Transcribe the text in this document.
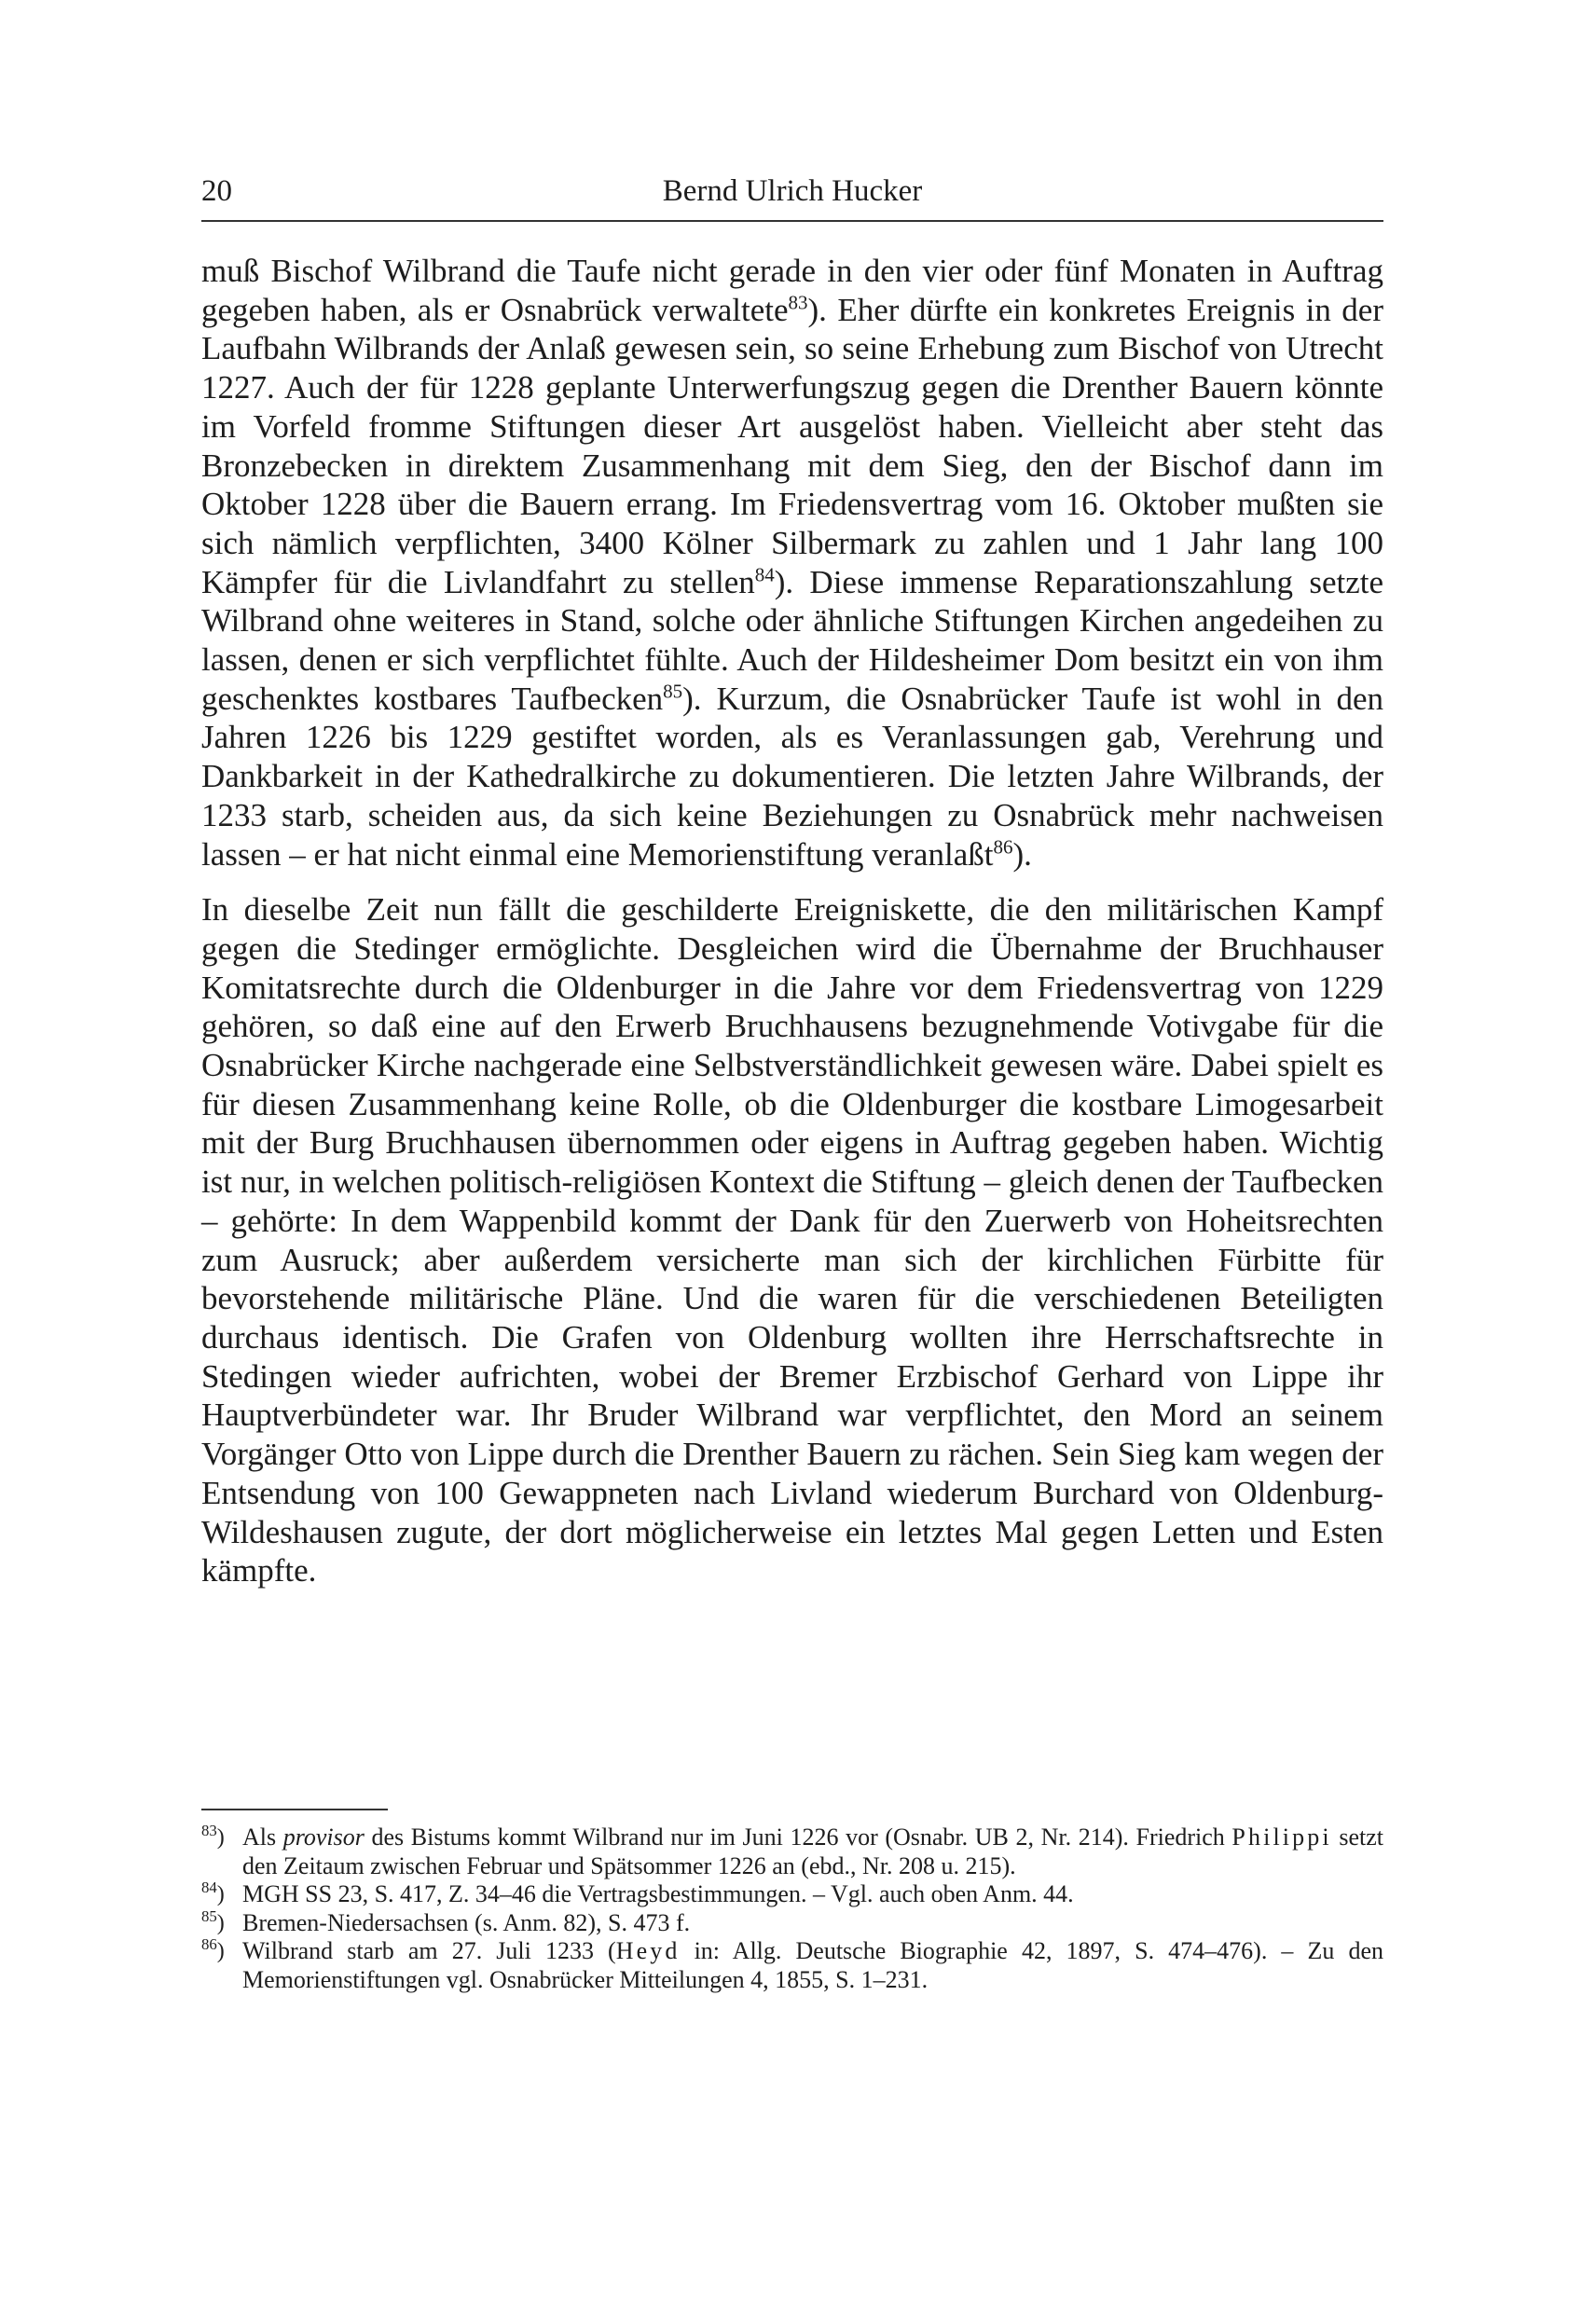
20	Bernd Ulrich Hucker

muß Bischof Wilbrand die Taufe nicht gerade in den vier oder fünf Monaten in Auftrag gegeben haben, als er Osnabrück verwaltete$^{83}$). Eher dürfte ein konkretes Ereignis in der Laufbahn Wilbrands der Anlaß gewesen sein, so seine Erhebung zum Bischof von Utrecht 1227. Auch der für 1228 geplante Unterwerfungszug gegen die Drenther Bauern könnte im Vorfeld fromme Stiftungen dieser Art ausgelöst haben. Vielleicht aber steht das Bronzebecken in direktem Zusammenhang mit dem Sieg, den der Bischof dann im Oktober 1228 über die Bauern errang. Im Friedensvertrag vom 16. Oktober mußten sie sich nämlich verpflichten, 3400 Kölner Silbermark zu zahlen und 1 Jahr lang 100 Kämpfer für die Livlandfahrt zu stellen$^{84}$). Diese immense Reparationszahlung setzte Wilbrand ohne weiteres in Stand, solche oder ähnliche Stiftungen Kirchen angedeihen zu lassen, denen er sich verpflichtet fühlte. Auch der Hildesheimer Dom besitzt ein von ihm geschenktes kostbares Taufbecken$^{85}$). Kurzum, die Osnabrücker Taufe ist wohl in den Jahren 1226 bis 1229 gestiftet worden, als es Veranlassungen gab, Verehrung und Dankbarkeit in der Kathedralkirche zu dokumentieren. Die letzten Jahre Wilbrands, der 1233 starb, scheiden aus, da sich keine Beziehungen zu Osnabrück mehr nachweisen lassen – er hat nicht einmal eine Memorienstiftung veranlaßt$^{86}$).

In dieselbe Zeit nun fällt die geschilderte Ereigniskette, die den militärischen Kampf gegen die Stedinger ermöglichte. Desgleichen wird die Übernahme der Bruchhauser Komitatsrechte durch die Oldenburger in die Jahre vor dem Friedensvertrag von 1229 gehören, so daß eine auf den Erwerb Bruchhausens bezugnehmende Votivgabe für die Osnabrücker Kirche nachgerade eine Selbstverständlichkeit gewesen wäre. Dabei spielt es für diesen Zusammenhang keine Rolle, ob die Oldenburger die kostbare Limogesarbeit mit der Burg Bruchhausen übernommen oder eigens in Auftrag gegeben haben. Wichtig ist nur, in welchen politisch-religiösen Kontext die Stiftung – gleich denen der Taufbecken – gehörte: In dem Wappenbild kommt der Dank für den Zuerwerb von Hoheitsrechten zum Ausruck; aber außerdem versicherte man sich der kirchlichen Fürbitte für bevorstehende militärische Pläne. Und die waren für die verschiedenen Beteiligten durchaus identisch. Die Grafen von Oldenburg wollten ihre Herrschaftsrechte in Stedingen wieder aufrichten, wobei der Bremer Erzbischof Gerhard von Lippe ihr Hauptverbündeter war. Ihr Bruder Wilbrand war verpflichtet, den Mord an seinem Vorgänger Otto von Lippe durch die Drenther Bauern zu rächen. Sein Sieg kam wegen der Entsendung von 100 Gewappneten nach Livland wiederum Burchard von Oldenburg-Wildeshausen zugute, der dort möglicherweise ein letztes Mal gegen Letten und Esten kämpfte.

$^{83}$) Als provisor des Bistums kommt Wilbrand nur im Juni 1226 vor (Osnabr. UB 2, Nr. 214). Friedrich Philippi setzt den Zeitaum zwischen Februar und Spätsommer 1226 an (ebd., Nr. 208 u. 215).
$^{84}$) MGH SS 23, S. 417, Z. 34–46 die Vertragsbestimmungen. – Vgl. auch oben Anm. 44.
$^{85}$) Bremen-Niedersachsen (s. Anm. 82), S. 473 f.
$^{86}$) Wilbrand starb am 27. Juli 1233 (Heyd in: Allg. Deutsche Biographie 42, 1897, S. 474–476). – Zu den Memorienstiftungen vgl. Osnabrücker Mitteilungen 4, 1855, S. 1–231.
